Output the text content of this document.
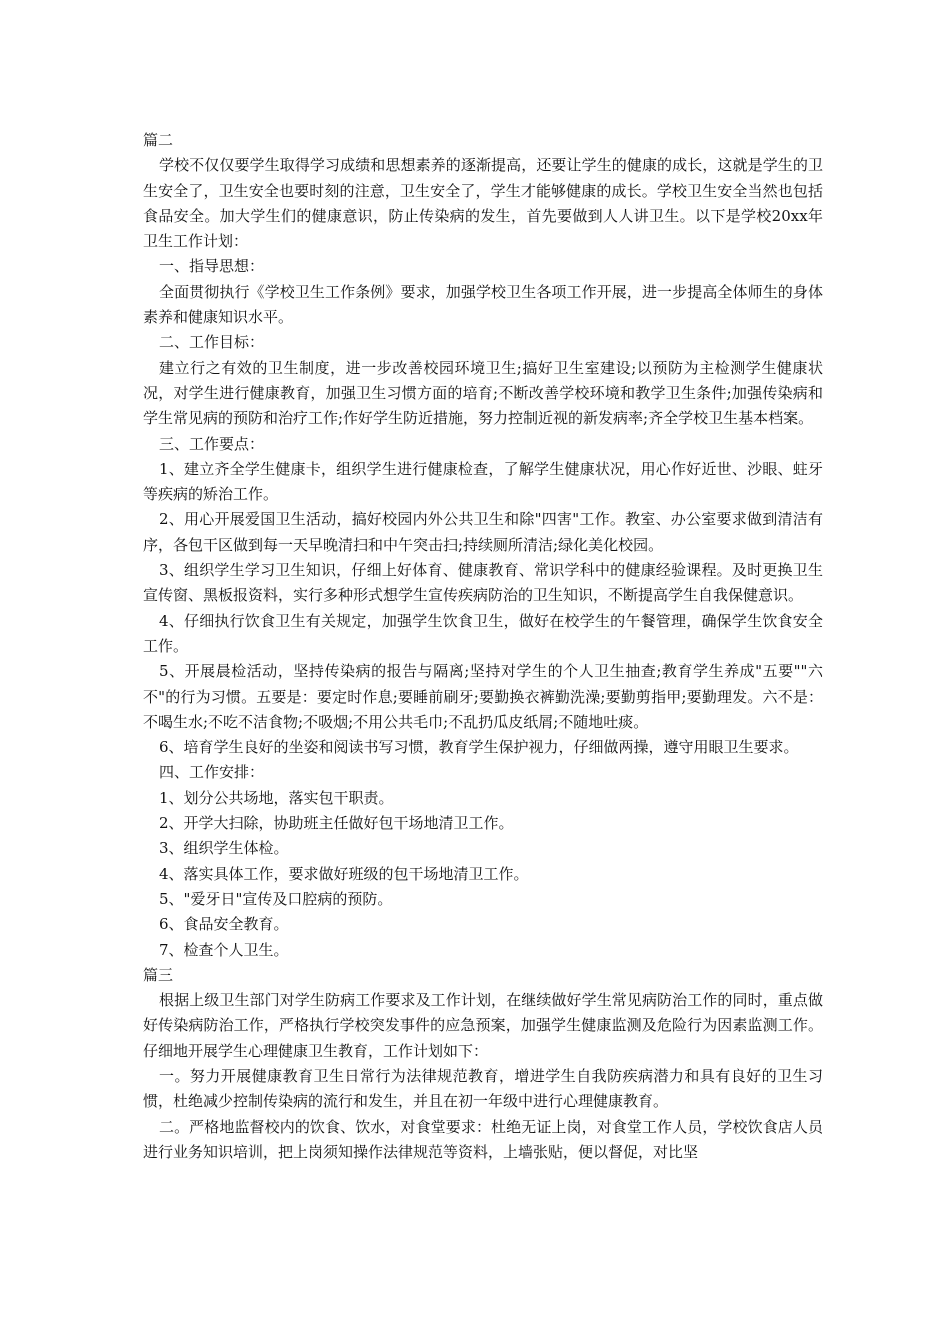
篇二

学校不仅仅要学生取得学习成绩和思想素养的逐渐提高，还要让学生的健康的成长，这就是学生的卫生安全了，卫生安全也要时刻的注意，卫生安全了，学生才能够健康的成长。学校卫生安全当然也包括食品安全。加大学生们的健康意识，防止传染病的发生，首先要做到人人讲卫生。以下是学校20xx年卫生工作计划：

一、指导思想：

全面贯彻执行《学校卫生工作条例》要求，加强学校卫生各项工作开展，进一步提高全体师生的身体素养和健康知识水平。

二、工作目标：

建立行之有效的卫生制度，进一步改善校园环境卫生;搞好卫生室建设;以预防为主检测学生健康状况，对学生进行健康教育，加强卫生习惯方面的培育;不断改善学校环境和教学卫生条件;加强传染病和学生常见病的预防和治疗工作;作好学生防近措施，努力控制近视的新发病率;齐全学校卫生基本档案。

三、工作要点：

1、建立齐全学生健康卡，组织学生进行健康检查，了解学生健康状况，用心作好近世、沙眼、蛀牙等疾病的矫治工作。

2、用心开展爱国卫生活动，搞好校园内外公共卫生和除"四害"工作。教室、办公室要求做到清洁有序，各包干区做到每一天早晚清扫和中午突击扫;持续厕所清洁;绿化美化校园。

3、组织学生学习卫生知识，仔细上好体育、健康教育、常识学科中的健康经验课程。及时更换卫生宣传窗、黑板报资料，实行多种形式想学生宣传疾病防治的卫生知识，不断提高学生自我保健意识。

4、仔细执行饮食卫生有关规定，加强学生饮食卫生，做好在校学生的午餐管理，确保学生饮食安全工作。

5、开展晨检活动，坚持传染病的报告与隔离;坚持对学生的个人卫生抽查;教育学生养成"五要""六不"的行为习惯。五要是：要定时作息;要睡前刷牙;要勤换衣裤勤洗澡;要勤剪指甲;要勤理发。六不是：不喝生水;不吃不洁食物;不吸烟;不用公共毛巾;不乱扔瓜皮纸屑;不随地吐痰。

6、培育学生良好的坐姿和阅读书写习惯，教育学生保护视力，仔细做两操，遵守用眼卫生要求。

四、工作安排：

1、划分公共场地，落实包干职责。

2、开学大扫除，协助班主任做好包干场地清卫工作。

3、组织学生体检。

4、落实具体工作，要求做好班级的包干场地清卫工作。

5、"爱牙日"宣传及口腔病的预防。

6、食品安全教育。

7、检查个人卫生。

篇三

根据上级卫生部门对学生防病工作要求及工作计划，在继续做好学生常见病防治工作的同时，重点做好传染病防治工作，严格执行学校突发事件的应急预案，加强学生健康监测及危险行为因素监测工作。仔细地开展学生心理健康卫生教育，工作计划如下：

一。努力开展健康教育卫生日常行为法律规范教育，增进学生自我防疾病潜力和具有良好的卫生习惯，杜绝减少控制传染病的流行和发生，并且在初一年级中进行心理健康教育。

二。严格地监督校内的饮食、饮水，对食堂要求：杜绝无证上岗，对食堂工作人员，学校饮食店人员进行业务知识培训，把上岗须知操作法律规范等资料，上墙张贴，便以督促，对比坚
